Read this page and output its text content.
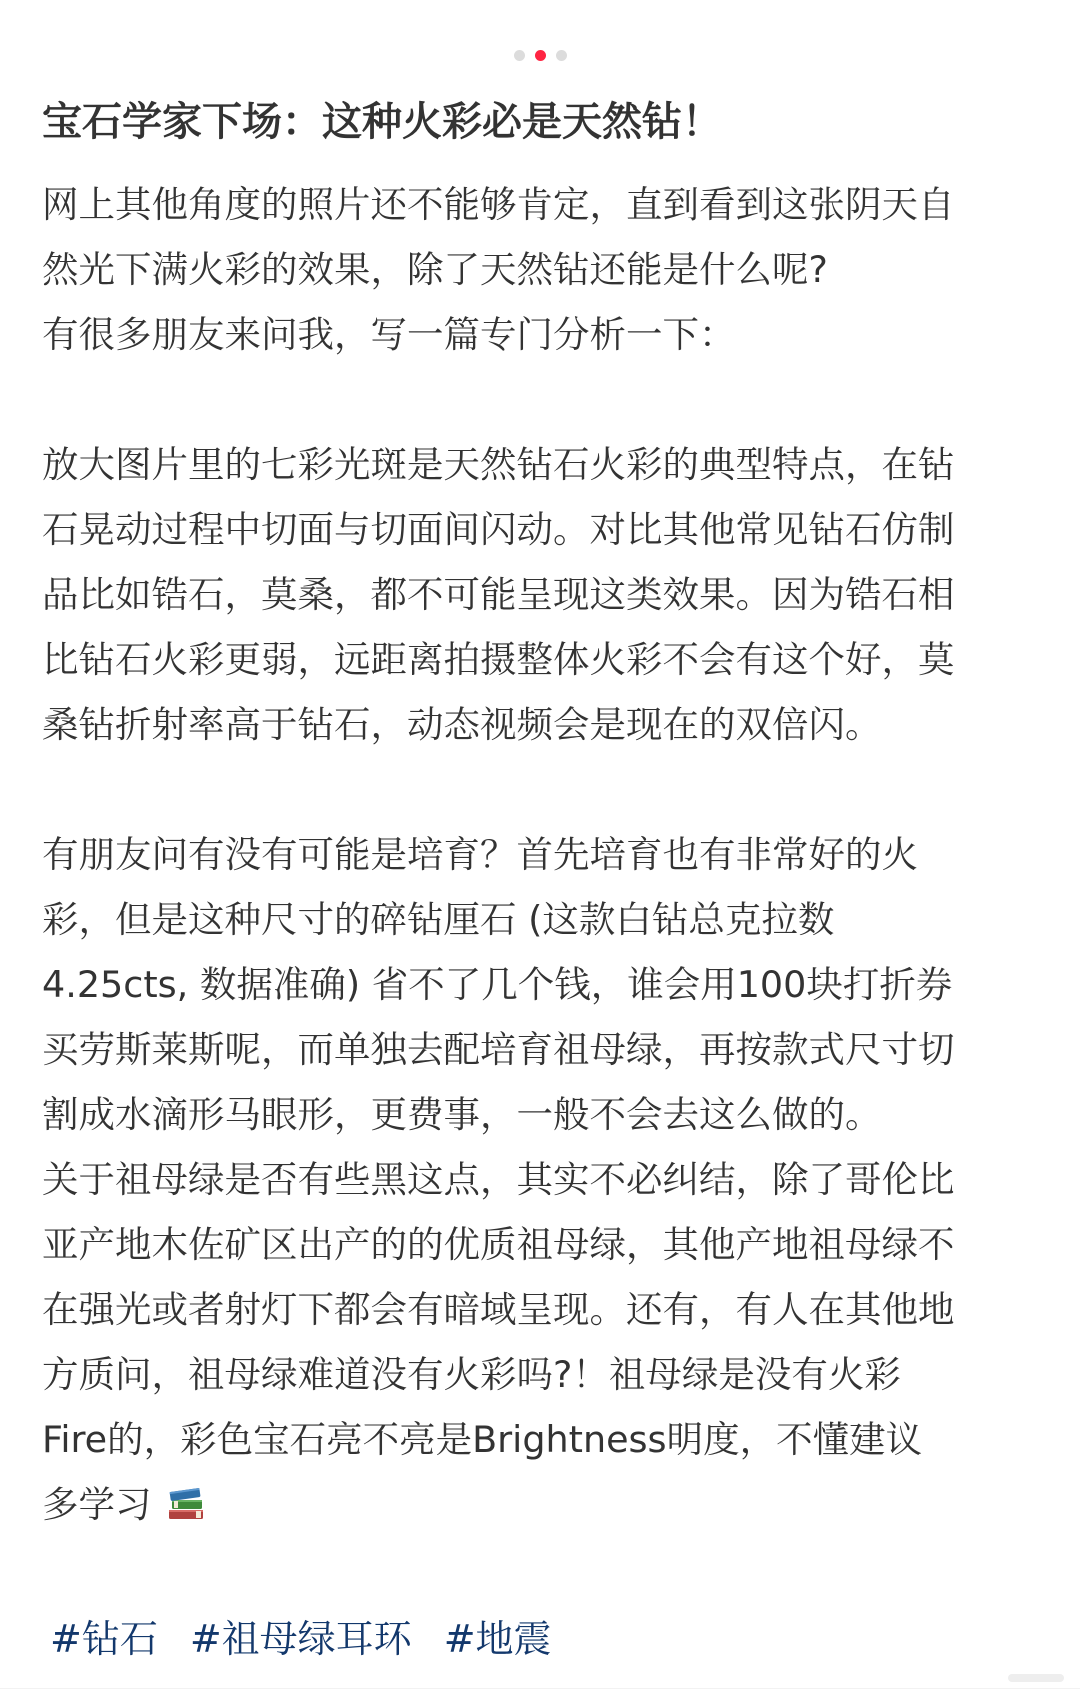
宝石学家下场：这种火彩必是天然钻！
网上其他角度的照片还不能够肯定，直到看到这张阴天自
然光下满火彩的效果，除了天然钻还能是什么呢?
有很多朋友来问我，写一篇专门分析一下：
放大图片里的七彩光斑是天然钻石火彩的典型特点，在钻
石晃动过程中切面与切面间闪动。对比其他常见钻石仿制
品比如锆石，莫桑，都不可能呈现这类效果。因为锆石相
比钻石火彩更弱，远距离拍摄整体火彩不会有这个好，莫
桑钻折射率高于钻石，动态视频会是现在的双倍闪。
有朋友问有没有可能是培育？首先培育也有非常好的火
彩，但是这种尺寸的碎钻厘石 (这款白钻总克拉数
4.25cts, 数据准确) 省不了几个钱，谁会用100块打折券
买劳斯莱斯呢，而单独去配培育祖母绿，再按款式尺寸切
割成水滴形马眼形，更费事，一般不会去这么做的。
关于祖母绿是否有些黑这点，其实不必纠结，除了哥伦比
亚产地木佐矿区出产的的优质祖母绿，其他产地祖母绿不
在强光或者射灯下都会有暗域呈现。还有，有人在其他地
方质问，祖母绿难道没有火彩吗?！祖母绿是没有火彩
Fire的，彩色宝石亮不亮是Brightness明度，不懂建议
多学习
#钻石 #祖母绿耳环 #地震
